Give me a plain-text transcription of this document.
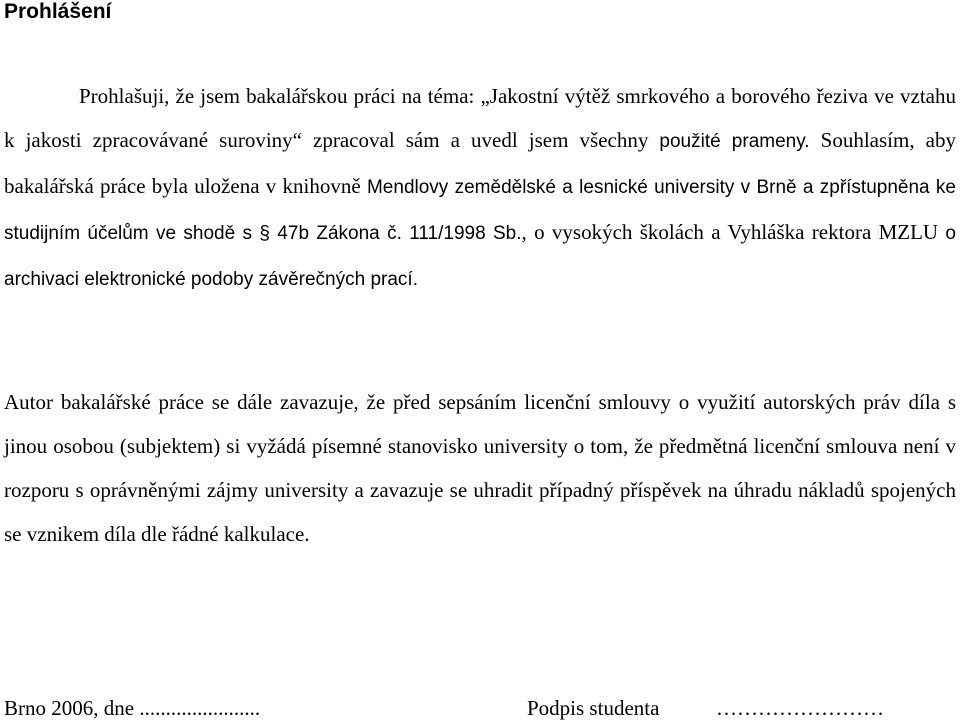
Prohlášení

Prohlašuji, že jsem bakalářskou práci na téma: „Jakostní výtěž smrkového a borového řeziva ve vztahu k jakosti zpracovávané suroviny“ zpracoval sám a uvedl jsem všechny použité prameny. Souhlasím, aby bakalářská práce byla uložena v knihovně Mendlovy zemědělské a lesnické university v Brně a zpřístupněna ke studijním účelům ve shodě s § 47b Zákona č. 111/1998 Sb., o vysokých školách a Vyhláška rektora MZLU o archivaci elektronické podoby závěrečných prací.

Autor bakalářské práce se dále zavazuje, že před sepsáním licenční smlouvy o využití autorských práv díla s jinou osobou (subjektem) si vyžádá písemné stanovisko university o tom, že předmětná licenční smlouva není v rozporu s oprávněnými zájmy university a zavazuje se uhradit případný příspěvek na úhradu nákladů spojených se vznikem díla dle řádné kalkulace.

Brno 2006, dne .......................	Podpis studenta	……………………
